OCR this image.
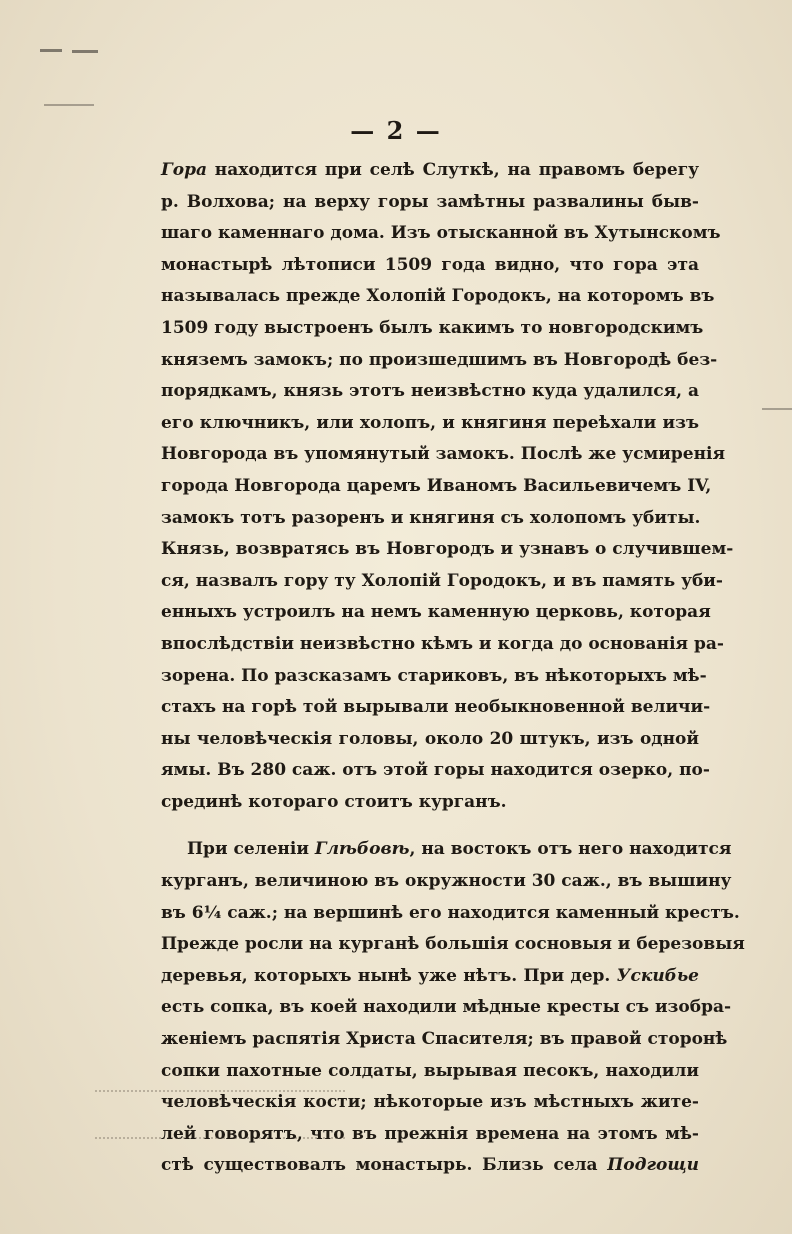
— 2 —
Гора находится при селѣ Слуткѣ, на правомъ берегу
р. Волхова; на верху горы замѣтны развалины быв-
шаго каменнаго дома. Изъ отысканной въ Хутынскомъ
монастырѣ лѣтописи 1509 года видно, что гора эта
называлась прежде Холопій Городокъ, на которомъ въ
1509 году выстроенъ былъ какимъ то новгородскимъ
княземъ замокъ; по произшедшимъ въ Новгородѣ без-
порядкамъ, князь этотъ неизвѣстно куда удалился, а
его ключникъ, или холопъ, и княгиня переѣхали изъ
Новгорода въ упомянутый замокъ. Послѣ же усмиренія
города Новгорода царемъ Иваномъ Васильевичемъ IV,
замокъ тотъ разоренъ и княгиня съ холопомъ убиты.
Князь, возвратясь въ Новгородъ и узнавъ о случившем-
ся, назвалъ гору ту Холопій Городокъ, и въ память уби-
енныхъ устроилъ на немъ каменную церковь, которая
впослѣдствіи неизвѣстно кѣмъ и когда до основанія ра-
зорена. По разсказамъ стариковъ, въ нѣкоторыхъ мѣ-
стахъ на горѣ той вырывали необыкновенной величи-
ны человѣческія головы, около 20 штукъ, изъ одной
ямы. Въ 280 саж. отъ этой горы находится озерко, по-
срединѣ котораго стоитъ курганъ.
При селеніи Глѣбовѣ, на востокъ отъ него находится
курганъ, величиною въ окружности 30 саж., въ вышину
въ 6¼ саж.; на вершинѣ его находится каменный крестъ.
Прежде росли на курганѣ большія сосновыя и березовыя
деревья, которыхъ нынѣ уже нѣтъ. При дер. Ускибье
есть сопка, въ коей находили мѣдные кресты съ изобра-
женіемъ распятія Христа Спасителя; въ правой сторонѣ
сопки пахотные солдаты, вырывая песокъ, находили
человѣческія кости; нѣкоторые изъ мѣстныхъ жите-
лей говорятъ, что въ прежнія времена на этомъ мѣ-
стѣ существовалъ монастырь. Близь села Подгощи
